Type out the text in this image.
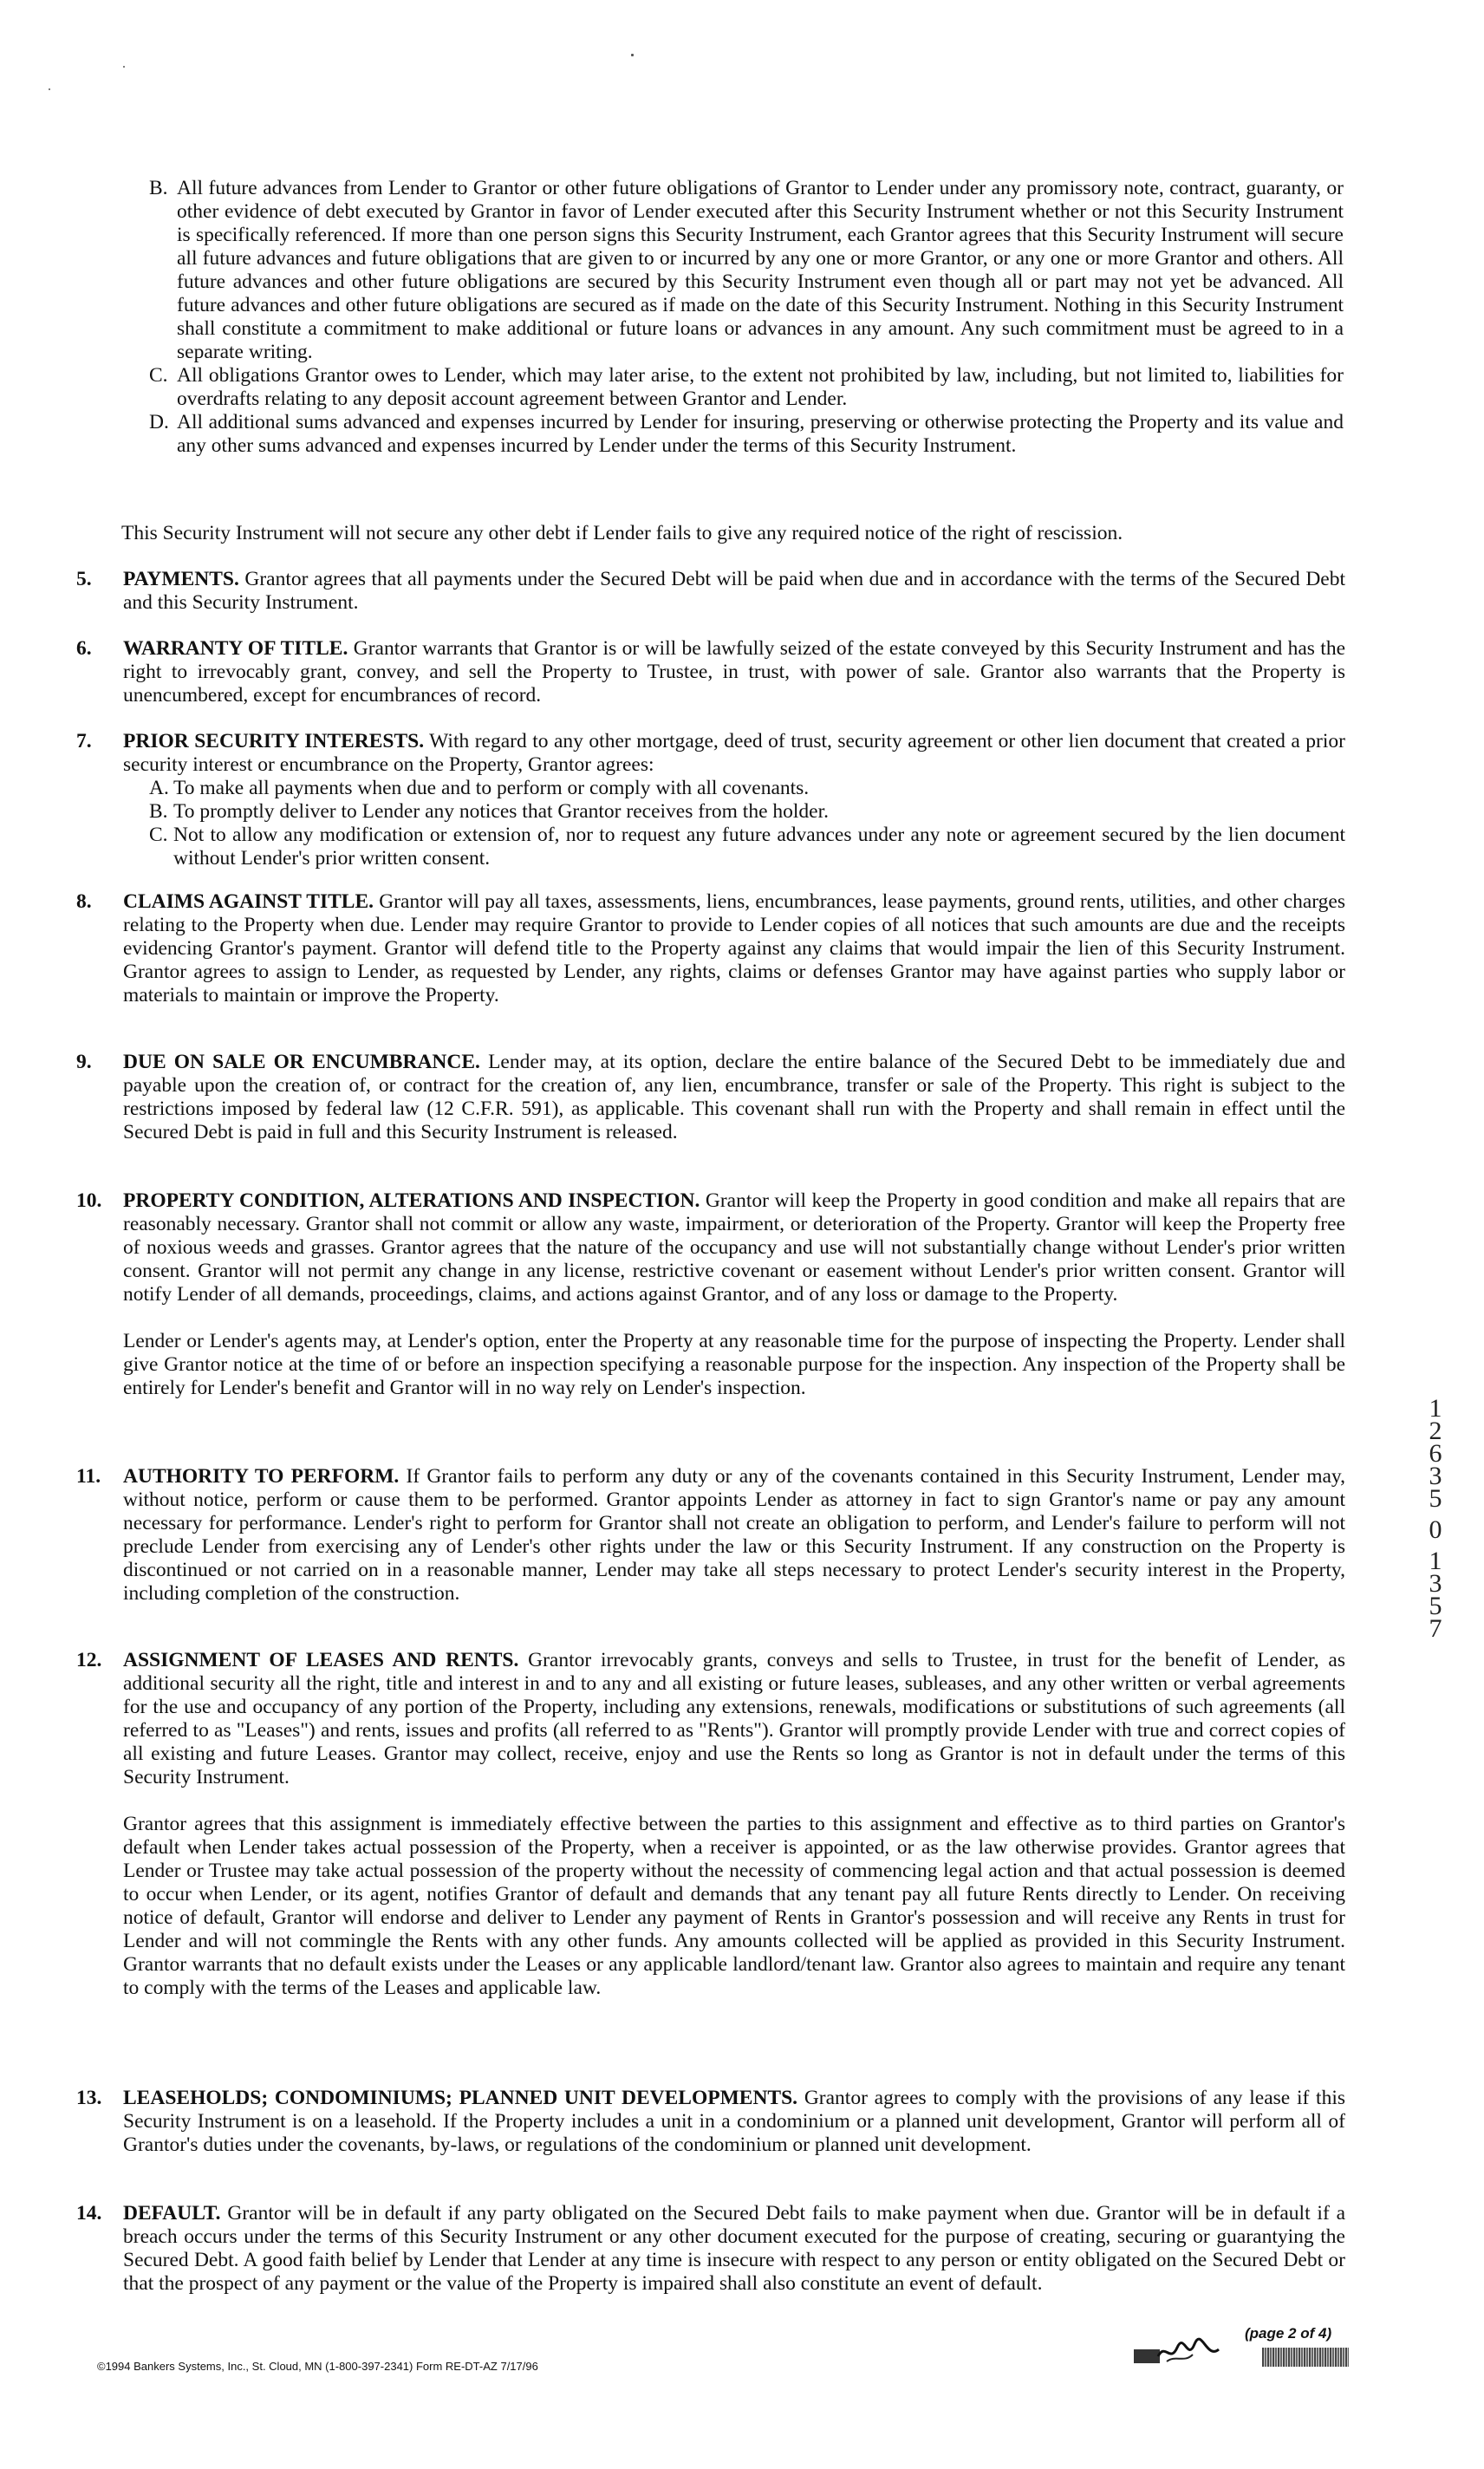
B. All future advances from Lender to Grantor or other future obligations of Grantor to Lender under any promissory note, contract, guaranty, or other evidence of debt executed by Grantor in favor of Lender executed after this Security Instrument whether or not this Security Instrument is specifically referenced. If more than one person signs this Security Instrument, each Grantor agrees that this Security Instrument will secure all future advances and future obligations that are given to or incurred by any one or more Grantor, or any one or more Grantor and others. All future advances and other future obligations are secured by this Security Instrument even though all or part may not yet be advanced. All future advances and other future obligations are secured as if made on the date of this Security Instrument. Nothing in this Security Instrument shall constitute a commitment to make additional or future loans or advances in any amount. Any such commitment must be agreed to in a separate writing.

C. All obligations Grantor owes to Lender, which may later arise, to the extent not prohibited by law, including, but not limited to, liabilities for overdrafts relating to any deposit account agreement between Grantor and Lender.

D. All additional sums advanced and expenses incurred by Lender for insuring, preserving or otherwise protecting the Property and its value and any other sums advanced and expenses incurred by Lender under the terms of this Security Instrument.

This Security Instrument will not secure any other debt if Lender fails to give any required notice of the right of rescission.

5. PAYMENTS. Grantor agrees that all payments under the Secured Debt will be paid when due and in accordance with the terms of the Secured Debt and this Security Instrument.
6. WARRANTY OF TITLE. Grantor warrants that Grantor is or will be lawfully seized of the estate conveyed by this Security Instrument and has the right to irrevocably grant, convey, and sell the Property to Trustee, in trust, with power of sale. Grantor also warrants that the Property is unencumbered, except for encumbrances of record.
7. PRIOR SECURITY INTERESTS. With regard to any other mortgage, deed of trust, security agreement or other lien document that created a prior security interest or encumbrance on the Property, Grantor agrees:

A. To make all payments when due and to perform or comply with all covenants.

B. To promptly deliver to Lender any notices that Grantor receives from the holder.

C. Not to allow any modification or extension of, nor to request any future advances under any note or agreement secured by the lien document without Lender's prior written consent.

8. CLAIMS AGAINST TITLE. Grantor will pay all taxes, assessments, liens, encumbrances, lease payments, ground rents, utilities, and other charges relating to the Property when due. Lender may require Grantor to provide to Lender copies of all notices that such amounts are due and the receipts evidencing Grantor's payment. Grantor will defend title to the Property against any claims that would impair the lien of this Security Instrument. Grantor agrees to assign to Lender, as requested by Lender, any rights, claims or defenses Grantor may have against parties who supply labor or materials to maintain or improve the Property.
9. DUE ON SALE OR ENCUMBRANCE. Lender may, at its option, declare the entire balance of the Secured Debt to be immediately due and payable upon the creation of, or contract for the creation of, any lien, encumbrance, transfer or sale of the Property. This right is subject to the restrictions imposed by federal law (12 C.F.R. 591), as applicable. This covenant shall run with the Property and shall remain in effect until the Secured Debt is paid in full and this Security Instrument is released.
10. PROPERTY CONDITION, ALTERATIONS AND INSPECTION. Grantor will keep the Property in good condition and make all repairs that are reasonably necessary. Grantor shall not commit or allow any waste, impairment, or deterioration of the Property. Grantor will keep the Property free of noxious weeds and grasses. Grantor agrees that the nature of the occupancy and use will not substantially change without Lender's prior written consent. Grantor will not permit any change in any license, restrictive covenant or easement without Lender's prior written consent. Grantor will notify Lender of all demands, proceedings, claims, and actions against Grantor, and of any loss or damage to the Property.

Lender or Lender's agents may, at Lender's option, enter the Property at any reasonable time for the purpose of inspecting the Property. Lender shall give Grantor notice at the time of or before an inspection specifying a reasonable purpose for the inspection. Any inspection of the Property shall be entirely for Lender's benefit and Grantor will in no way rely on Lender's inspection.

11. AUTHORITY TO PERFORM. If Grantor fails to perform any duty or any of the covenants contained in this Security Instrument, Lender may, without notice, perform or cause them to be performed. Grantor appoints Lender as attorney in fact to sign Grantor's name or pay any amount necessary for performance. Lender's right to perform for Grantor shall not create an obligation to perform, and Lender's failure to perform will not preclude Lender from exercising any of Lender's other rights under the law or this Security Instrument. If any construction on the Property is discontinued or not carried on in a reasonable manner, Lender may take all steps necessary to protect Lender's security interest in the Property, including completion of the construction.
12. ASSIGNMENT OF LEASES AND RENTS. Grantor irrevocably grants, conveys and sells to Trustee, in trust for the benefit of Lender, as additional security all the right, title and interest in and to any and all existing or future leases, subleases, and any other written or verbal agreements for the use and occupancy of any portion of the Property, including any extensions, renewals, modifications or substitutions of such agreements (all referred to as "Leases") and rents, issues and profits (all referred to as "Rents"). Grantor will promptly provide Lender with true and correct copies of all existing and future Leases. Grantor may collect, receive, enjoy and use the Rents so long as Grantor is not in default under the terms of this Security Instrument.

Grantor agrees that this assignment is immediately effective between the parties to this assignment and effective as to third parties on Grantor's default when Lender takes actual possession of the Property, when a receiver is appointed, or as the law otherwise provides. Grantor agrees that Lender or Trustee may take actual possession of the property without the necessity of commencing legal action and that actual possession is deemed to occur when Lender, or its agent, notifies Grantor of default and demands that any tenant pay all future Rents directly to Lender. On receiving notice of default, Grantor will endorse and deliver to Lender any payment of Rents in Grantor's possession and will receive any Rents in trust for Lender and will not commingle the Rents with any other funds. Any amounts collected will be applied as provided in this Security Instrument. Grantor warrants that no default exists under the Leases or any applicable landlord/tenant law. Grantor also agrees to maintain and require any tenant to comply with the terms of the Leases and applicable law.

13. LEASEHOLDS; CONDOMINIUMS; PLANNED UNIT DEVELOPMENTS. Grantor agrees to comply with the provisions of any lease if this Security Instrument is on a leasehold. If the Property includes a unit in a condominium or a planned unit development, Grantor will perform all of Grantor's duties under the covenants, by-laws, or regulations of the condominium or planned unit development.
14. DEFAULT. Grantor will be in default if any party obligated on the Secured Debt fails to make payment when due. Grantor will be in default if a breach occurs under the terms of this Security Instrument or any other document executed for the purpose of creating, securing or guarantying the Secured Debt. A good faith belief by Lender that Lender at any time is insecure with respect to any person or entity obligated on the Secured Debt or that the prospect of any payment or the value of the Property is impaired shall also constitute an event of default.
1
2
6
3
5
0
1
3
5
7
(page 2 of 4)
©1994 Bankers Systems, Inc., St. Cloud, MN (1-800-397-2341) Form RE-DT-AZ 7/17/96
